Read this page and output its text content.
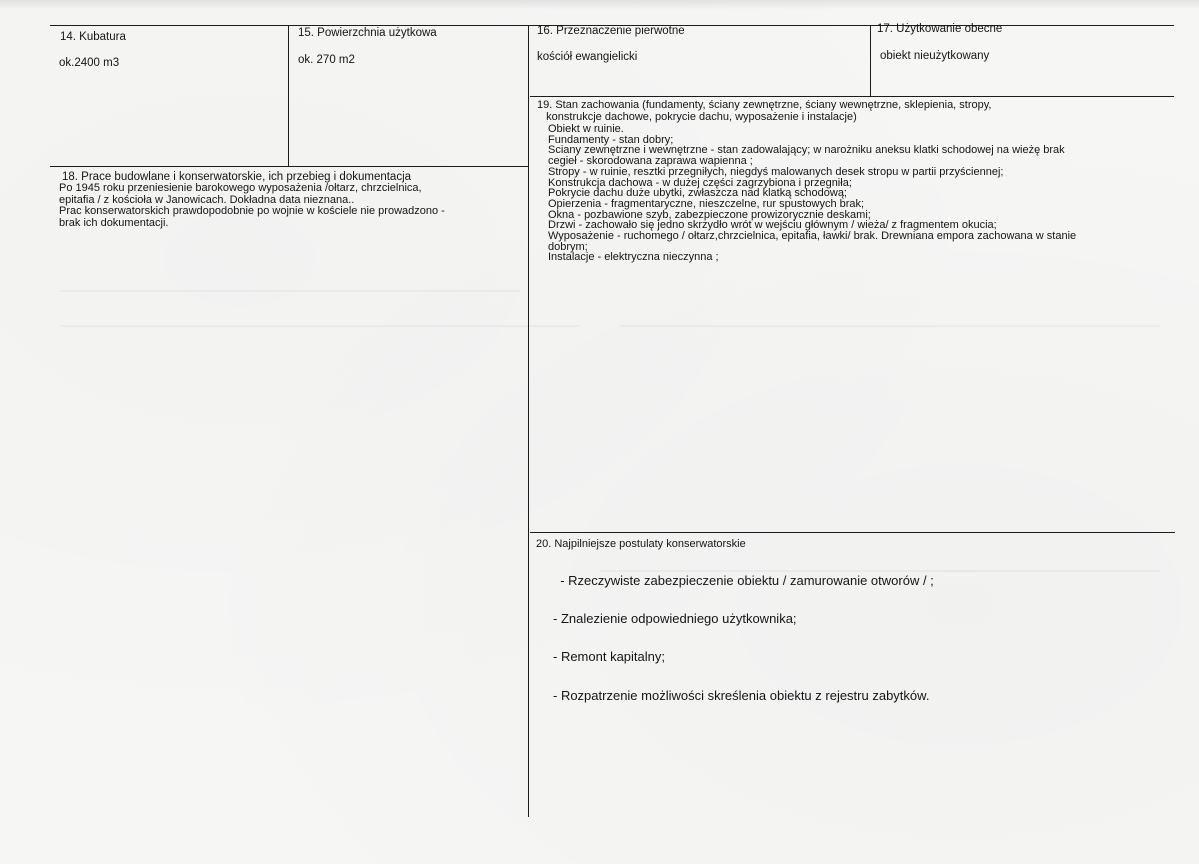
14. Kubatura
ok.2400 m3
15. Powierzchnia użytkowa
ok. 270 m2
16. Przeznaczenie pierwotne
kościół ewangielicki
17. Użytkowanie obecne
obiekt nieużytkowany
18. Prace budowlane i konserwatorskie, ich przebieg i dokumentacja
Po 1945 roku przeniesienie barokowego wyposażenia /ołtarz, chrzcielnica,
epitafia / z kościoła w Janowicach. Dokładna data nieznana..
Prac konserwatorskich prawdopodobnie po wojnie w kościele nie prowadzono -
brak ich dokumentacji.
19. Stan zachowania (fundamenty, ściany zewnętrzne, ściany wewnętrzne, sklepienia, stropy,
konstrukcje dachowe, pokrycie dachu, wyposażenie i instalacje)
Obiekt w ruinie.
Fundamenty - stan dobry;
Sciany zewnętrzne i wewnętrzne - stan zadowalający; w narożniku aneksu klatki schodowej na wieżę brak
cegieł - skorodowana zaprawa wapienna ;
Stropy - w ruinie, resztki przegniłych, niegdyś malowanych desek stropu w partii przyściennej;
Konstrukcja dachowa - w dużej części zagrzybiona i przegniła;
Pokrycie dachu duże ubytki, zwłaszcza nad klatką schodową;
Opierzenia - fragmentaryczne, nieszczelne, rur spustowych brak;
Okna - pozbawione szyb, zabezpieczone prowizorycznie deskami;
Drzwi - zachowało się jedno skrzydło wrót w wejściu głównym / wieża/ z fragmentem okucia;
Wyposażenie - ruchomego / ołtarz,chrzcielnica, epitafia, ławki/ brak. Drewniana empora zachowana w stanie
dobrym;
Instalacje - elektryczna nieczynna ;
20. Najpilniejsze postulaty konserwatorskie

- Rzeczywiste zabezpieczenie obiektu / zamurowanie otworów / ;

- Znalezienie odpowiedniego użytkownika;

- Remont kapitalny;

- Rozpatrzenie możliwości skreślenia obiektu z rejestru zabytków.
